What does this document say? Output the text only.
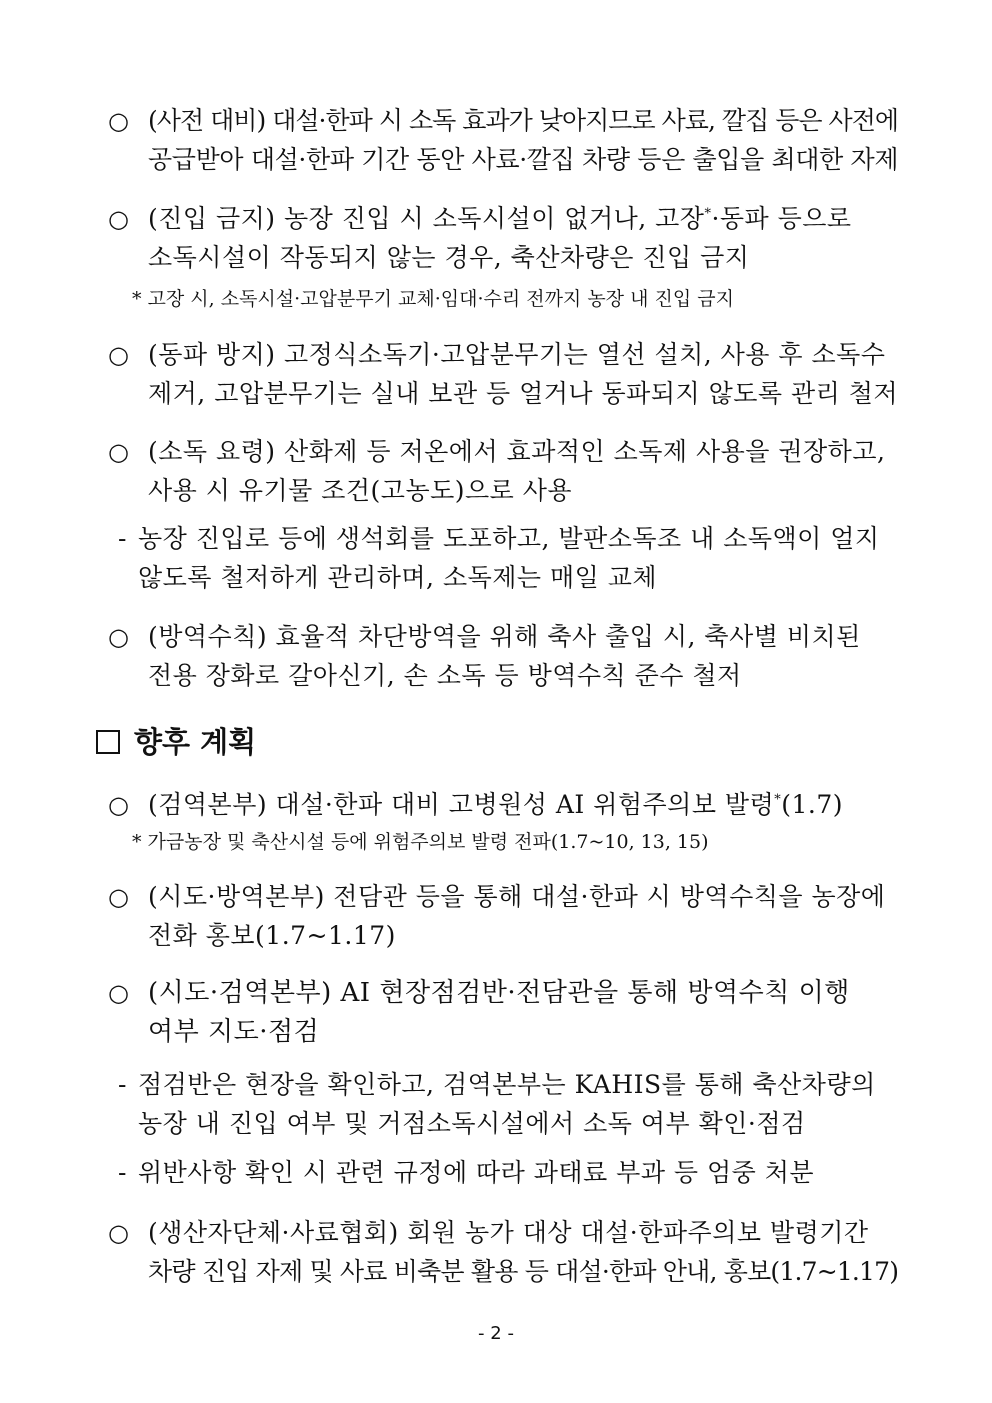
○ (사전 대비) 대설·한파 시 소독 효과가 낮아지므로 사료, 깔집 등은 사전에
공급받아 대설·한파 기간 동안 사료·깔집 차량 등은 출입을 최대한 자제
○ (진입 금지) 농장 진입 시 소독시설이 없거나, 고장*·동파 등으로
소독시설이 작동되지 않는 경우, 축산차량은 진입 금지
* 고장 시, 소독시설·고압분무기 교체·임대·수리 전까지 농장 내 진입 금지
○ (동파 방지) 고정식소독기·고압분무기는 열선 설치, 사용 후 소독수
제거, 고압분무기는 실내 보관 등 얼거나 동파되지 않도록 관리 철저
○ (소독 요령) 산화제 등 저온에서 효과적인 소독제 사용을 권장하고,
사용 시 유기물 조건(고농도)으로 사용
- 농장 진입로 등에 생석회를 도포하고, 발판소독조 내 소독액이 얼지
않도록 철저하게 관리하며, 소독제는 매일 교체
○ (방역수칙) 효율적 차단방역을 위해 축사 출입 시, 축사별 비치된
전용 장화로 갈아신기, 손 소독 등 방역수칙 준수 철저
향후 계획
○ (검역본부) 대설·한파 대비 고병원성 AI 위험주의보 발령*(1.7)
* 가금농장 및 축산시설 등에 위험주의보 발령 전파(1.7~10, 13, 15)
○ (시도·방역본부) 전담관 등을 통해 대설·한파 시 방역수칙을 농장에
전화 홍보(1.7~1.17)
○ (시도·검역본부) AI 현장점검반·전담관을 통해 방역수칙 이행
여부 지도·점검
- 점검반은 현장을 확인하고, 검역본부는 KAHIS를 통해 축산차량의
농장 내 진입 여부 및 거점소독시설에서 소독 여부 확인·점검
- 위반사항 확인 시 관련 규정에 따라 과태료 부과 등 엄중 처분
○ (생산자단체·사료협회) 회원 농가 대상 대설·한파주의보 발령기간
차량 진입 자제 및 사료 비축분 활용 등 대설·한파 안내, 홍보(1.7~1.17)
- 2 -
